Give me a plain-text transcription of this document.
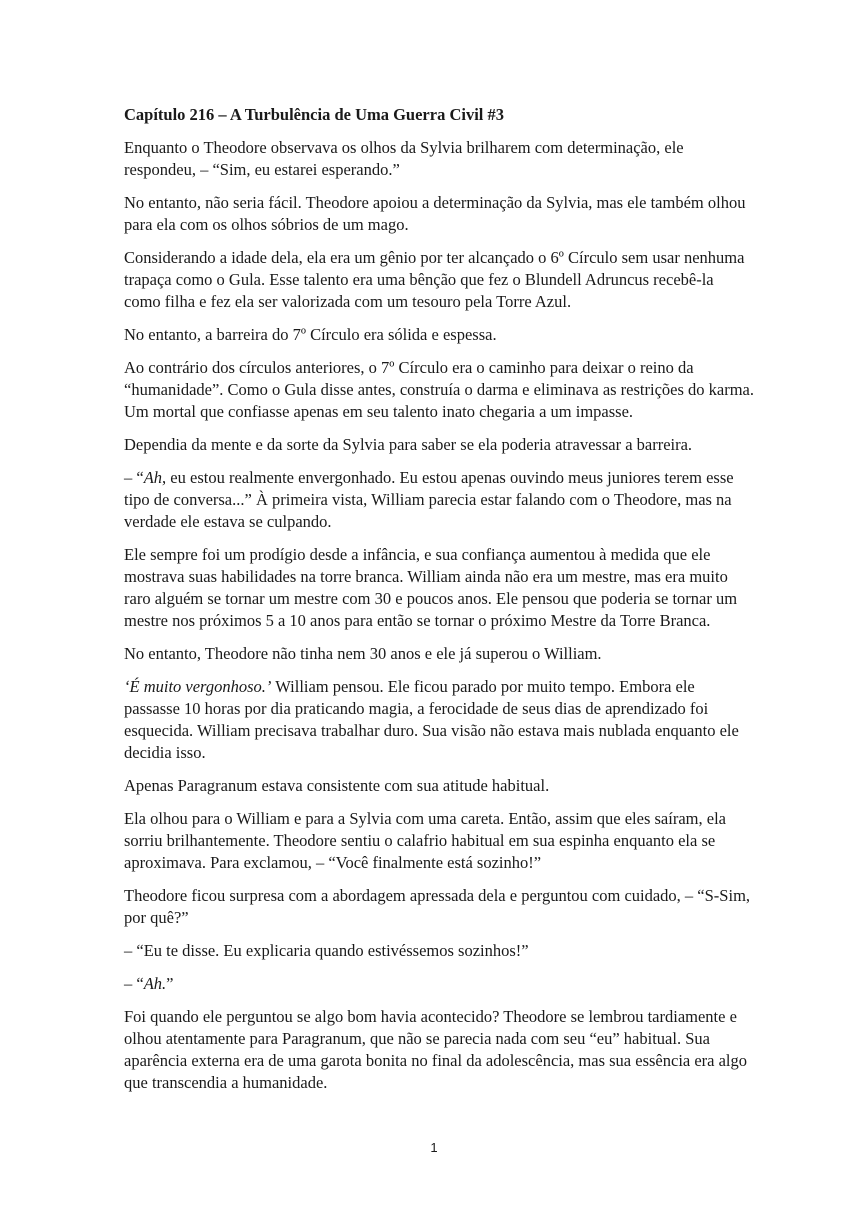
Capítulo 216 – A Turbulência de Uma Guerra Civil #3

Enquanto o Theodore observava os olhos da Sylvia brilharem com determinação, ele respondeu, – “Sim, eu estarei esperando.”

No entanto, não seria fácil. Theodore apoiou a determinação da Sylvia, mas ele também olhou para ela com os olhos sóbrios de um mago.

Considerando a idade dela, ela era um gênio por ter alcançado o 6º Círculo sem usar nenhuma trapaça como o Gula. Esse talento era uma bênção que fez o Blundell Adruncus recebê-la como filha e fez ela ser valorizada com um tesouro pela Torre Azul.

No entanto, a barreira do 7º Círculo era sólida e espessa.

Ao contrário dos círculos anteriores, o 7º Círculo era o caminho para deixar o reino da “humanidade”. Como o Gula disse antes, construía o darma e eliminava as restrições do karma. Um mortal que confiasse apenas em seu talento inato chegaria a um impasse.

Dependia da mente e da sorte da Sylvia para saber se ela poderia atravessar a barreira.

– “Ah, eu estou realmente envergonhado. Eu estou apenas ouvindo meus juniores terem esse tipo de conversa...” À primeira vista, William parecia estar falando com o Theodore, mas na verdade ele estava se culpando.

Ele sempre foi um prodígio desde a infância, e sua confiança aumentou à medida que ele mostrava suas habilidades na torre branca. William ainda não era um mestre, mas era muito raro alguém se tornar um mestre com 30 e poucos anos. Ele pensou que poderia se tornar um mestre nos próximos 5 a 10 anos para então se tornar o próximo Mestre da Torre Branca.

No entanto, Theodore não tinha nem 30 anos e ele já superou o William.

‘É muito vergonhoso.’ William pensou. Ele ficou parado por muito tempo. Embora ele passasse 10 horas por dia praticando magia, a ferocidade de seus dias de aprendizado foi esquecida. William precisava trabalhar duro. Sua visão não estava mais nublada enquanto ele decidia isso.

Apenas Paragranum estava consistente com sua atitude habitual.

Ela olhou para o William e para a Sylvia com uma careta. Então, assim que eles saíram, ela sorriu brilhantemente. Theodore sentiu o calafrio habitual em sua espinha enquanto ela se aproximava. Para exclamou, – “Você finalmente está sozinho!”

Theodore ficou surpresa com a abordagem apressada dela e perguntou com cuidado, – “S-Sim, por quê?”

– “Eu te disse. Eu explicaria quando estivéssemos sozinhos!”

– “Ah.”

Foi quando ele perguntou se algo bom havia acontecido? Theodore se lembrou tardiamente e olhou atentamente para Paragranum, que não se parecia nada com seu “eu” habitual. Sua aparência externa era de uma garota bonita no final da adolescência, mas sua essência era algo que transcendia a humanidade.

1
